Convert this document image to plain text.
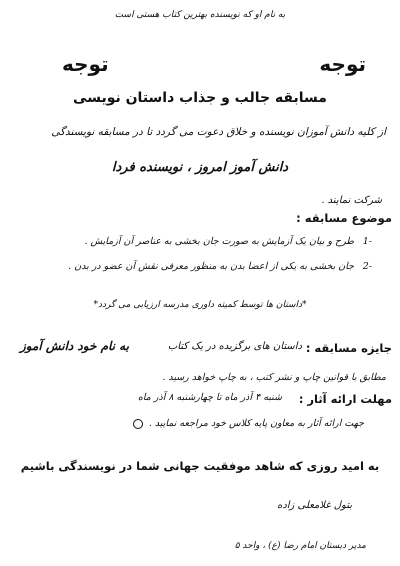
به نام او که نویسنده بهترین کتاب هستی است
توجه
توجه
مسابقه جالب و جذاب داستان نویسی
از کلیه دانش آموزان نویسنده و خلاق دعوت می گردد تا در مسابقه نویسندگی
دانش آموز امروز ، نویسنده فردا
شرکت نمایند .
موضوع مسابقه :
-1
طرح و بیان یک آزمایش به صورت جان بخشی به عناصر آن آزمایش .
-2
جان بخشی به یکی از اعضا بدن به منظور معرفی نقش آن عضو در بدن .
*داستان ها توسط کمیته داوری مدرسه ارزیابی می گردد*
جایزه مسابقه :
داستان های برگزیده در یک کتاب
به نام خود دانش آموز
مطابق با قوانین چاپ و نشر کتب ، به چاپ خواهد رسید .
مهلت ارائه آثار :
شنبه ۴ آذر ماه تا چهارشنبه ۸ آذر ماه
جهت ارائه آثار به معاون پایه کلاس خود مراجعه نمایید .
به امید روزی که شاهد موفقیت جهانی شما در نویسندگی باشیم
بتول غلامعلی زاده
مدیر دبستان امام رضا (ع) ، واحد ۵
